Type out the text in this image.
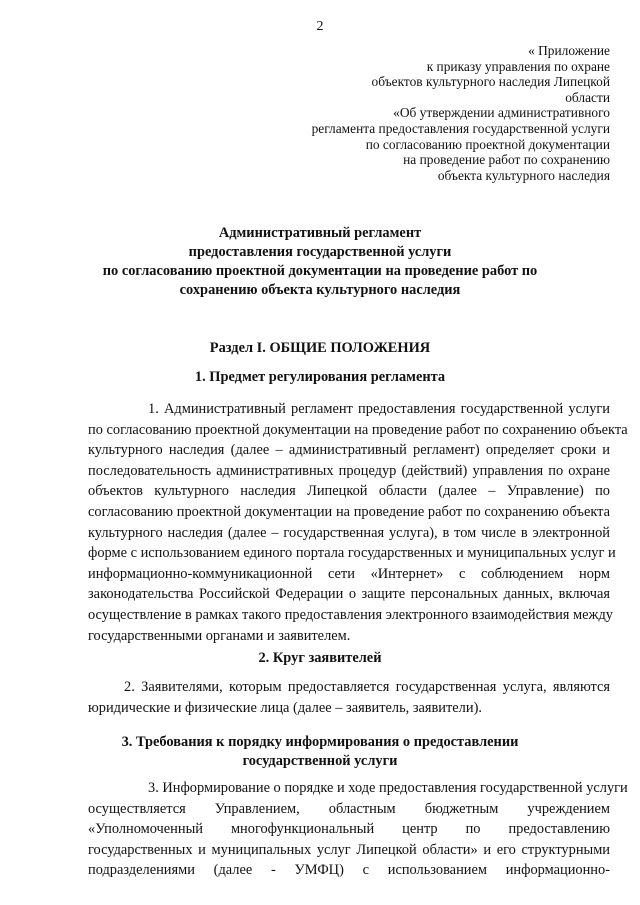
2
« Приложение
к приказу управления по охране
объектов культурного наследия Липецкой
области
«Об утверждении административного
регламента предоставления государственной услуги
по согласованию проектной документации
на проведение работ по сохранению
объекта культурного наследия
Административный регламент
предоставления государственной услуги
по согласованию проектной документации на проведение работ по
сохранению объекта культурного наследия
Раздел I. ОБЩИЕ ПОЛОЖЕНИЯ
1. Предмет регулирования регламента
1. Административный регламент предоставления государственной услуги
по согласованию проектной документации на проведение работ по сохранению объекта
культурного наследия (далее – административный регламент) определяет сроки и
последовательность административных процедур (действий) управления по охране
объектов культурного наследия Липецкой области (далее – Управление) по
согласованию проектной документации на проведение работ по сохранению объекта
культурного наследия (далее – государственная услуга), в том числе в электронной
форме с использованием единого портала государственных и муниципальных услуг и
информационно-коммуникационной сети «Интернет» с соблюдением норм
законодательства Российской Федерации о защите персональных данных, включая
осуществление в рамках такого предоставления электронного взаимодействия между
государственными органами и заявителем.
2. Круг заявителей
2. Заявителями, которым предоставляется государственная услуга, являются
юридические и физические лица (далее – заявитель, заявители).
3. Требования к порядку информирования о предоставлении
государственной услуги
3. Информирование о порядке и ходе предоставления государственной услуги
осуществляется Управлением, областным бюджетным учреждением
«Уполномоченный многофункциональный центр по предоставлению
государственных и муниципальных услуг Липецкой области» и его структурными
подразделениями (далее - УМФЦ) с использованием информационно-
